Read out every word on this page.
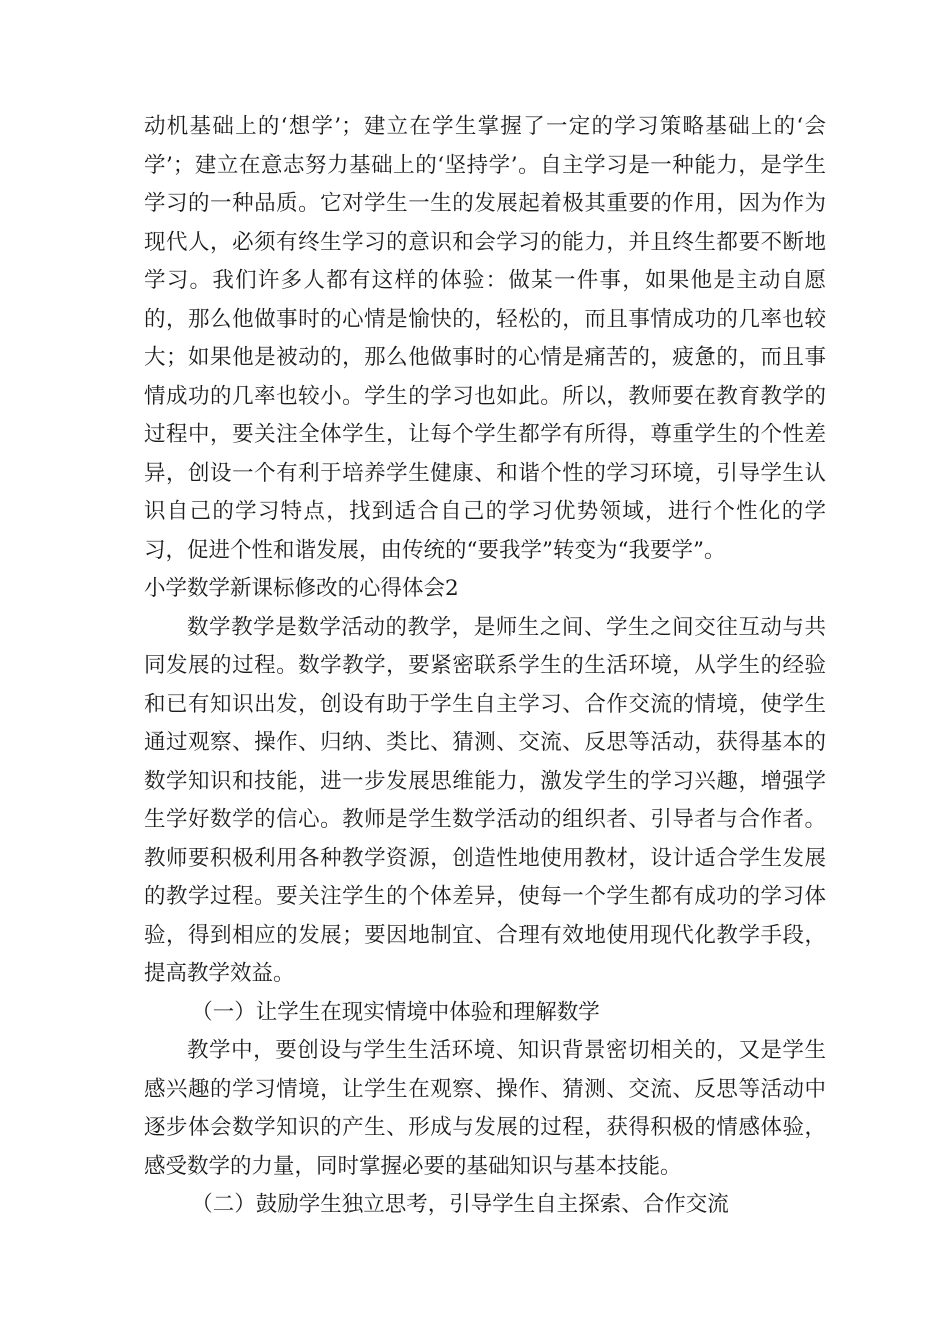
动机基础上的‘想学’；建立在学生掌握了一定的学习策略基础上的‘会学’；建立在意志努力基础上的‘坚持学’。自主学习是一种能力，是学生学习的一种品质。它对学生一生的发展起着极其重要的作用，因为作为现代人，必须有终生学习的意识和会学习的能力，并且终生都要不断地学习。我们许多人都有这样的体验：做某一件事，如果他是主动自愿的，那么他做事时的心情是愉快的，轻松的，而且事情成功的几率也较大；如果他是被动的，那么他做事时的心情是痛苦的，疲惫的，而且事情成功的几率也较小。学生的学习也如此。所以，教师要在教育教学的过程中，要关注全体学生，让每个学生都学有所得，尊重学生的个性差异，创设一个有利于培养学生健康、和谐个性的学习环境，引导学生认识自己的学习特点，找到适合自己的学习优势领域，进行个性化的学习，促进个性和谐发展，由传统的“要我学”转变为“我要学”。

小学数学新课标修改的心得体会2

数学教学是数学活动的教学，是师生之间、学生之间交往互动与共同发展的过程。数学教学，要紧密联系学生的生活环境，从学生的经验和已有知识出发，创设有助于学生自主学习、合作交流的情境，使学生通过观察、操作、归纳、类比、猜测、交流、反思等活动，获得基本的数学知识和技能，进一步发展思维能力，激发学生的学习兴趣，增强学生学好数学的信心。教师是学生数学活动的组织者、引导者与合作者。教师要积极利用各种教学资源，创造性地使用教材，设计适合学生发展的教学过程。要关注学生的个体差异，使每一个学生都有成功的学习体验，得到相应的发展；要因地制宜、合理有效地使用现代化教学手段，提高教学效益。

（一）让学生在现实情境中体验和理解数学

教学中，要创设与学生生活环境、知识背景密切相关的，又是学生感兴趣的学习情境，让学生在观察、操作、猜测、交流、反思等活动中逐步体会数学知识的产生、形成与发展的过程，获得积极的情感体验，感受数学的力量，同时掌握必要的基础知识与基本技能。

（二）鼓励学生独立思考，引导学生自主探索、合作交流
